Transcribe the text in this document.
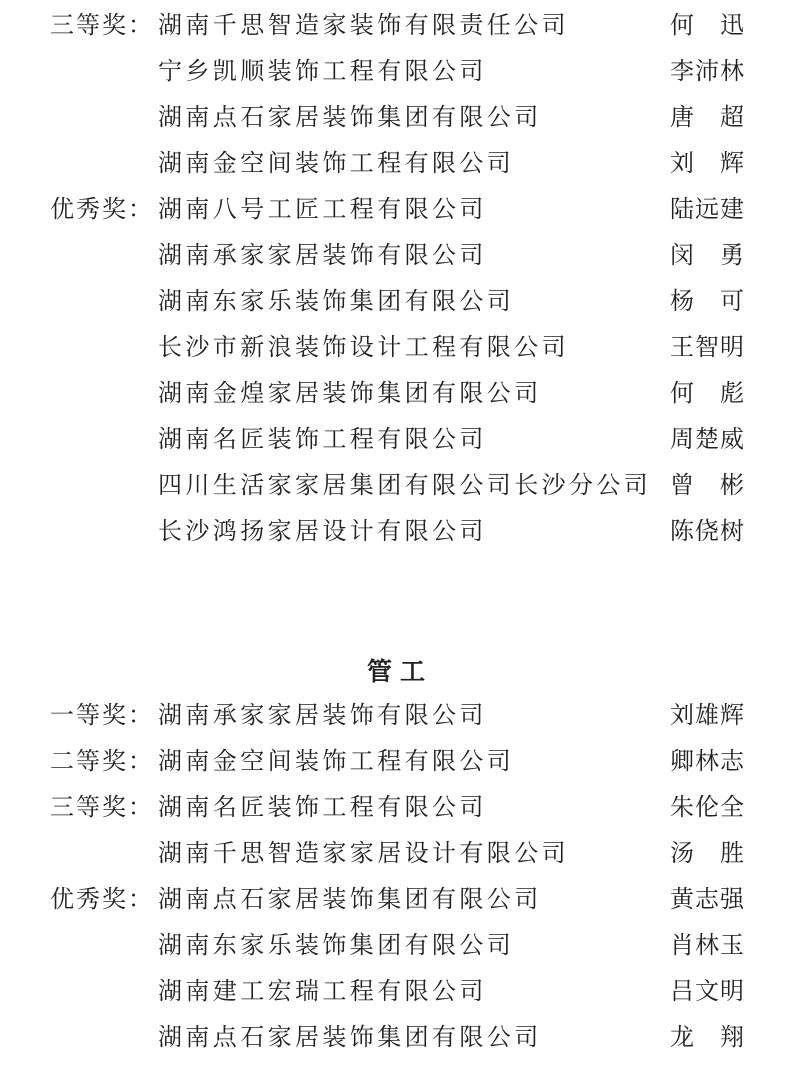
三等奖： 湖南千思智造家装饰有限责任公司	何　迅
宁乡凯顺装饰工程有限公司	李沛林
湖南点石家居装饰集团有限公司	唐　超
湖南金空间装饰工程有限公司	刘　辉
优秀奖： 湖南八号工匠工程有限公司	陆远建
湖南承家家居装饰有限公司	闵　勇
湖南东家乐装饰集团有限公司	杨　可
长沙市新浪装饰设计工程有限公司	王智明
湖南金煌家居装饰集团有限公司	何　彪
湖南名匠装饰工程有限公司	周楚威
四川生活家家居集团有限公司长沙分公司 曾　彬
长沙鸿扬家居设计有限公司	陈侥树
管工
一等奖： 湖南承家家居装饰有限公司	刘雄辉
二等奖： 湖南金空间装饰工程有限公司	卿林志
三等奖： 湖南名匠装饰工程有限公司	朱伦全
湖南千思智造家家居设计有限公司	汤　胜
优秀奖： 湖南点石家居装饰集团有限公司	黄志强
湖南东家乐装饰集团有限公司	肖林玉
湖南建工宏瑞工程有限公司	吕文明
湖南点石家居装饰集团有限公司	龙　翔
